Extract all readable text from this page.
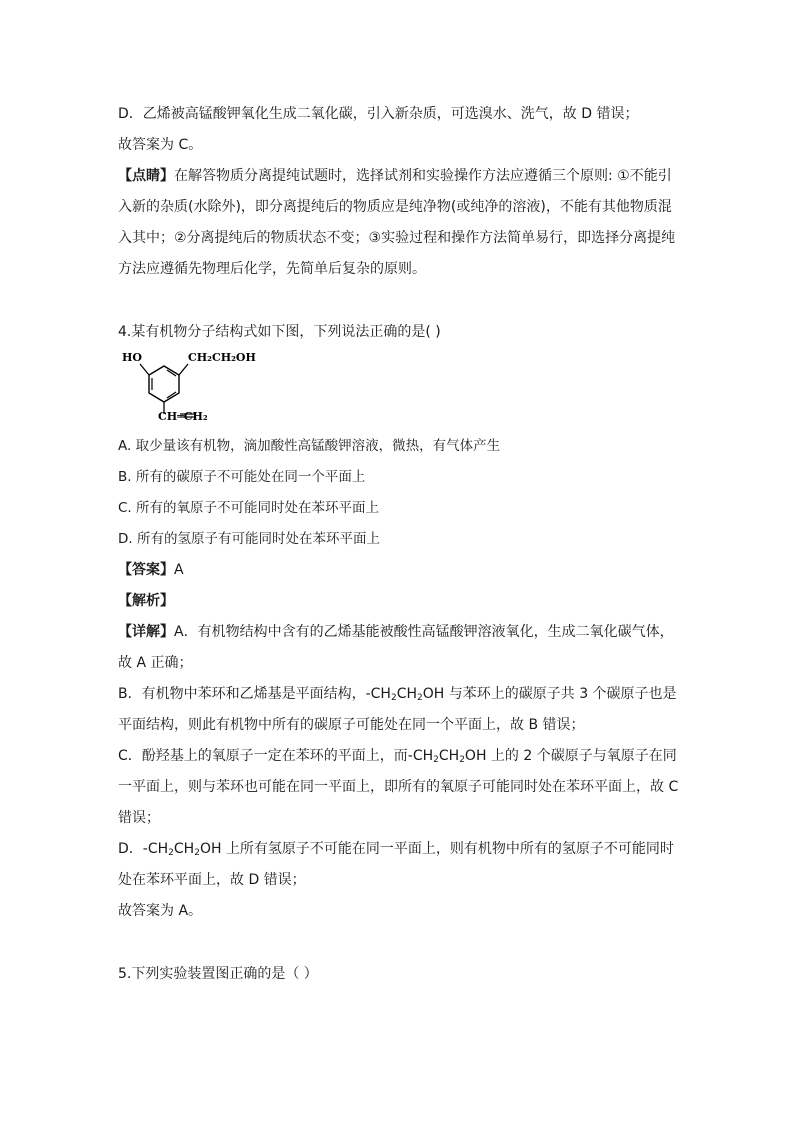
D．乙烯被高锰酸钾氧化生成二氧化碳，引入新杂质，可选溴水、洗气，故 D 错误；
故答案为 C。
【点睛】在解答物质分离提纯试题时，选择试剂和实验操作方法应遵循三个原则: ①不能引
入新的杂质(水除外)，即分离提纯后的物质应是纯净物(或纯净的溶液)，不能有其他物质混
入其中；②分离提纯后的物质状态不变；③实验过程和操作方法简单易行，即选择分离提纯
方法应遵循先物理后化学，先简单后复杂的原则。
4.某有机物分子结构式如下图，下列说法正确的是( )
HO	CH₂CH₂OH
CH═CH₂
A. 取少量该有机物，滴加酸性高锰酸钾溶液，微热，有气体产生
B. 所有的碳原子不可能处在同一个平面上
C. 所有的氧原子不可能同时处在苯环平面上
D. 所有的氢原子有可能同时处在苯环平面上
【答案】A
【解析】
【详解】A．有机物结构中含有的乙烯基能被酸性高锰酸钾溶液氧化，生成二氧化碳气体，
故 A 正确；
B．有机物中苯环和乙烯基是平面结构，$-CH_2CH_2OH$ 与苯环上的碳原子共 3 个碳原子也是
平面结构，则此有机物中所有的碳原子可能处在同一个平面上，故 B 错误；
C．酚羟基上的氧原子一定在苯环的平面上，而$-CH_2CH_2OH$ 上的 2 个碳原子与氧原子在同
一平面上，则与苯环也可能在同一平面上，即所有的氧原子可能同时处在苯环平面上，故 C
错误；
D．$-CH_2CH_2OH$ 上所有氢原子不可能在同一平面上，则有机物中所有的氢原子不可能同时
处在苯环平面上，故 D 错误；
故答案为 A。
5.下列实验装置图正确的是（ ）
